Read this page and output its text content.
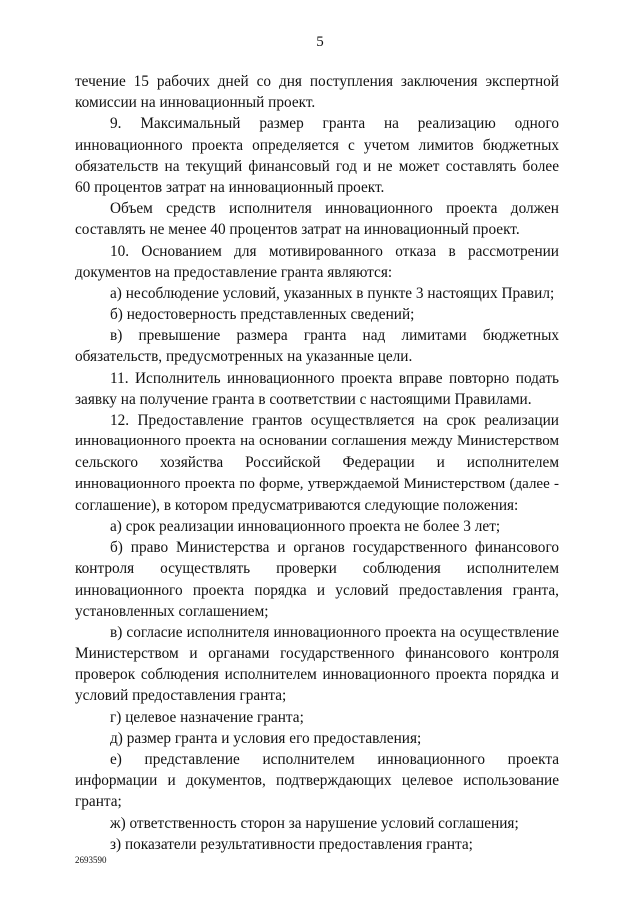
5
течение 15 рабочих дней со дня поступления заключения экспертной
комиссии на инновационный проект.
9. Максимальный размер гранта на реализацию одного
инновационного проекта определяется с учетом лимитов бюджетных
обязательств на текущий финансовый год и не может составлять более
60 процентов затрат на инновационный проект.
Объем средств исполнителя инновационного проекта должен
составлять не менее 40 процентов затрат на инновационный проект.
10. Основанием для мотивированного отказа в рассмотрении
документов на предоставление гранта являются:
а) несоблюдение условий, указанных в пункте 3 настоящих Правил;
б) недостоверность представленных сведений;
в) превышение размера гранта над лимитами бюджетных
обязательств, предусмотренных на указанные цели.
11. Исполнитель инновационного проекта вправе повторно подать
заявку на получение гранта в соответствии с настоящими Правилами.
12. Предоставление грантов осуществляется на срок реализации
инновационного проекта на основании соглашения между Министерством
сельского хозяйства Российской Федерации и исполнителем
инновационного проекта по форме, утверждаемой Министерством (далее -
соглашение), в котором предусматриваются следующие положения:
а) срок реализации инновационного проекта не более 3 лет;
б) право Министерства и органов государственного финансового
контроля осуществлять проверки соблюдения исполнителем
инновационного проекта порядка и условий предоставления гранта,
установленных соглашением;
в) согласие исполнителя инновационного проекта на осуществление
Министерством и органами государственного финансового контроля
проверок соблюдения исполнителем инновационного проекта порядка и
условий предоставления гранта;
г) целевое назначение гранта;
д) размер гранта и условия его предоставления;
е) представление исполнителем инновационного проекта
информации и документов, подтверждающих целевое использование
гранта;
ж) ответственность сторон за нарушение условий соглашения;
з) показатели результативности предоставления гранта;
2693590
